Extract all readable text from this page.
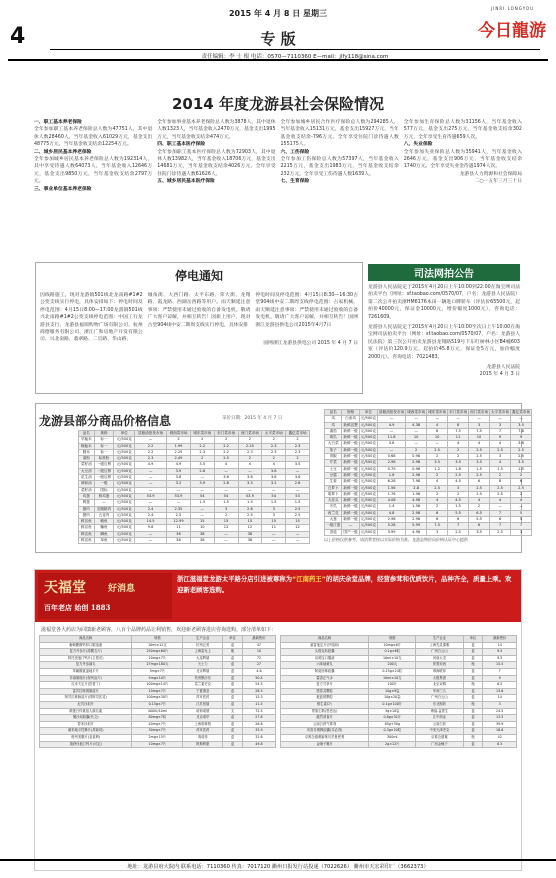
2015 年 4 月 8 日 星期三
4
JINRI LONGYOU
今日龍游
专 版
责任编辑：李 士 根 电话：0570—7110360 E—mail：jlfy118@sina.com
2014 年度龙游县社会保险情况
一、职工基本养老保险
全年参加职工基本养老保险总人数为47751人，其中退休人数28460人，当年基金收入61029万元，基金支出48775万元，当年基金收支结余12254万元。
二、城乡居民基本养老保险
全年参加城乡居民基本养老保险总人数为192314人，其中享受待遇人数64073人，当年基金收入12646万元，基金支出9850万元，当年基金收支结余2797万元。
三、事业单位基本养老保险
全年参加事业基本养老保险总人数为3878人，其中退休人数1323人，当年基金收入2470万元，基金支出1995万元，当年基金收支结余474万元。
四、职工基本医疗保险
全年参加职工基本医疗保险总人数为72903人，其中退休人数13982人，当年基金收入18706万元，基金支出14681万元，当年基金收支结余4026万元。全年享受住院门诊待遇人数61626人。
五、城乡居民基本医疗保险
全年参加城乡居民合作医疗保险总人数为294285人，当年基金收入15131万元，基金支出15927万元，当年基金收支结余-796万元。全年享受住院门诊待遇人数155175人。
六、工伤保险
全年参加工伤保险总人数为57397人，当年基金收入2215万元，基金支出1983万元，当年基金收支结余232万元。全年享受工伤待遇人数1639人。
七、生育保险
全年参加生育保险总人数为31156人，当年基金收入577万元，基金支出275万元，当年基金收支结余302万元，全年享受生育待遇659人次。
八、失业保险
全年参加失业保险总人数为35941人，当年基金收入2646万元，基金支出906万元，当年基金收支结余1740万元。全年享受失业金待遇1974人次。
龙游县人力资源和社会保障局
二○一五年三月三十日
停电通知
因线路施工，现对龙游镇501线北龙南路#1#2公变支线实行停电，具体安排如下：停电时间及停电范围：4月15日8:00—17:00龙游镇501线兴北南路#1#2公变支线停电范围：中国工行龙游县支行、龙游县福瑞购物广场有限公司、杭州商德服务有限公司、浙江广和房地产开发有限公司、兴北南路、翡翠路、二官路、华山路、
城角街、大西门路、太平东路、荣大街、龙翔路、霞龙路、西湖岳西路等用户。雨天顺延注意事项：严禁使用未通过验收的自备发电机。敬请广大客户谅解，并相互转告！园新上用户，现对古堂904线中安二期周支线实行停电，具体安排
停电时间及停电范围：4月15日8:30—16:30古堂904线中安二期周支线停电范围：占家机械。雨天顺延注意事项：严禁使用未通过验收的自备发电机。敬请广大客户谅解，并相互转告！国网浙江龙游县供电公司2015年4月7日
国网浙江龙游县供电公司 2015 年 4 月 7 日
司法网拍公告
龙游县人民法院定于2015年4月20日上午10:00到22:00在淘宝网司法拍卖平台（网址：sf.taobao.com/0570/07，户名：龙游县人民法院）第二次公开拍卖浙HM6176本田一辆进口牌轿车（评估价65500元，起拍价40000元，保证金10000元，增价幅度1000元），咨询电话：7261609。
龙游县人民法院定于2015年4月20日上午10:00至次日上午10:00在淘宝网司法拍卖平台（网址：sf.taobao.com/0570/07，户名：龙游县人民法院）第三次公开拍卖龙游县龙翔路519号下东红树林小区B4幢603室（评估价120.9万元，起拍价45.8万元，保证金5万元，加价幅度2000元）。咨询电话：7021483。
龙游县人民法院
2015 年 4 月 3 日
龙游县部分商品价格信息	采价日期：2015 年 4 月 7 日
品名	规格	单位	县粮油批发市场	城西菜市场	城东菜市场	东门菜市场	西门菜市场	太平菜市场	鑫亿菜市场
早籼米	标一	元/500克	—	2	2	2	2	2	2
晚籼米	标一	元/500克	2.2	1.99	2.2	2.2	2.25	2.3	2.3
粳米	标一	元/500克	2.2	2.25	2.3	2.2	2.3	2.3	2.3
面粉	标准粉	元/500克	2.3	2.49	2	2.5	2	2	2
菜籽油	一级压榨	元/500克	4.9	4.9	3.5	4	4	4	3.5
大豆油	一级压榨	元/500克	—	3.9	2.8	—	—	3.8	—
花生油	一级压榨	元/500克	—	3.8	—	3.6	3.6	3.6	3.6
调和油	一级	元/500克	—	3.2	3.9	2.8	3.5	3.2	2.8
菜籽油	国标	元/500克	—	—	—	—	—	—	—
鸡蛋	鲜鸡蛋	元/500克	53.9	53.9	54	54	53.9	54	53
鸭蛋	—	元/500克	—	—	1.5	1.5	1.5	1.5	1.5
猪肉	后腿精肉	元/500克	2.4	2.35	—	3	2.6	3	2.5
猪肉	五花肉	元/500克	2.4	2.5	—	2	2.5	3	2.5
鲜活鱼	鲢鱼	元/500克	14.5	12.99	15	15	15	15	15
鲜活鱼	鳙鱼	元/500克	9.8	11	10	12	12	11	12
鲜活鱼	鲫鱼	元/500克	—	36	38	—	38	—	—
鲜活鱼	草鱼	元/500克	—	36	38	—	38	—	—
品名	规格	单位	县粮油批发市场	城西菜市场	城东菜市场	东门菜市场	西门菜市场	太平菜市场	鑫亿菜市场
鸡	白条鸡	元/500克	—	—	—	—	—	—	—
鸡	新鲜活整	元/500克	4.9	4.38	4	8	3	3	3.5
番茄	新鲜一级	元/500克	—	—	8	7.5	7.5	7	7.8
黄瓜	新鲜一级	元/500克	11.8	10	10	11	10	9	9
大白菜	新鲜一级	元/500克	3.8	—	—	4	4	4	3.6
茄子	新鲜一级	元/500克	—	2	2.5	2	2.5	2.5	2.5
青椒	新鲜一级	元/500克	0.68	0.98	2	2	2.5	3	2.5
芹菜	新鲜一级	元/500克	2.98	2.98	3.5	3.5	3.5	4	3.5
土豆	新鲜一级	元/500克	0.79	0.98	1.2	1.8	1.5	1.5	1.5
豆腐	新鲜一级	元/500克	1.6	2.98	2	2.5	2.5	2	2
生姜	新鲜一级	元/500克	6.28	7.98	4	4.5	6	8	6
白萝卜	新鲜一级	元/500克	1.56	2.8	2.5	3	2.5	2.5	2.5
胡萝卜	新鲜一级	元/500克	1.76	1.98	2	2	2.5	2.5	2
大蒜头	新鲜一级	元/500克	4.08	4.98	4	4.5	4	4	4
冬瓜	新鲜一级	元/500克	1.4	1.58	2	1.5	2	—	—
西兰花	新鲜一级	元/500克	4.8	2.98	6	5.5	6.5	7	5
大葱	新鲜一级	元/500克	2.98	2.98	6	6	5.5	6	5
一级江蛋	—	元/500克	5.28	5.99	7.5	7	6	7	7
香菇	国产一级	元/500克	3.99	4.98	3	2.5	3.5	2.5	3
以上价格仅供参考，请消费者按以实际价格为准。龙游县物价局价格认证中心提供
天福堂 好消息
百年老店 始创 1883
浙江滋福堂龙游太平路分店引进被尊称为“江南药王”的胡庆余堂品牌，经营参茸和优质饮片，品种齐全，质量上乘。欢迎新老顾客选购。
滋福堂各大药店为回馈新老顾客，八百个品牌药品让利销售，欢迎新老顾客进店咨询选购。部分清单如下：
商品名称	规格	生产企业	单位	最新售价
葡萄糖酸钙锌口服溶液	10ml×12支	杭州泛美	盒	47
复方丹参片(薄膜衣片)	250mg×60片	上海雷允上	瓶	10
阿托伐他汀钙片(立普妥)	20mg×7片	大连辉瑞	盒	72
复方丹参滴丸	27mg×180丸	天士力	盒	27
苯磺酸氨氯地平片	5mg×7片	北京辉瑞	盒	4.6
非那雄胺片(保列治片)	5mg×10片	杭州默沙东	盒	50.4
拉米夫定片(贺普丁)	100mg×14片	葛兰素史克	盒	54.5
雷贝拉唑钠肠溶片	10mg×7片	宁夏康亚	盒	28.3
阿司匹林肠溶片(拜阿司匹灵)	100mg×30片	拜耳医药	盒	15.3
厄贝沙坦片	0.15g×7片	江苏恒瑞	盒	11.5
精蛋白锌重组人胰岛素	400IU/10ml	诺和诺德	支	72.5
缬沙坦胶囊(代文)	80mg×7粒	北京诺华	盒	27.8
替米沙坦片	40mg×7片	上海勃林格	盒	26.8
硝苯地平控释片(拜新同)	30mg×7片	拜耳医药	盒	35.9
格列美脲片(亚莫利)	2mg×15片	赛诺菲	盒	32.6
瑞舒伐他汀钙片(可定)	10mg×7片	阿斯利康	盒	49.8
商品名称	规格	生产企业	单位	最新售价
氯雷他定片(开瑞坦)	10mg×6片	上海先灵葆雅	盒	14
头孢克肟胶囊	0.1g×6粒	广州白云山	盒	9.5
双黄连口服液	10ml×10支	河南太龙	盒	9.5
六味地黄丸	200丸	仲景宛西	瓶	15.5
阿莫西林胶囊	0.25g×24粒	珠海联邦	盒	7
藿香正气水	10ml×10支	太极集团	盒	9
复方甘草片	100片	北京双鹤	瓶	6.5
感冒灵颗粒	10g×9袋	华润三九	盒	13.6
板蓝根颗粒	10g×20袋	广州白云山	盒	14
维生素C片	0.1g×100片	东北制药	瓶	3
蒙脱石散(思密达)	3g×10袋	博福-益普生	盒	24.5
健胃消食片	0.8g×32片	江中药业	盒	13.5
云南白药气雾剂	85g+30g	云南白药	盒	39.9
布洛芬缓释胶囊(芬必得)	0.3g×20粒	中美天津史克	盒	18.6
京都念慈菴蜜炼川贝枇杷膏	300ml	京都念慈菴	瓶	42
金嗓子喉片	2g×12片	广西金嗓子	盒	8.5
地址：龙游县府大院内 联系电话：7110360 传真：7017120 衢州日报发行站投递（7022626） 衢州市天宏彩印厂（3662373）
